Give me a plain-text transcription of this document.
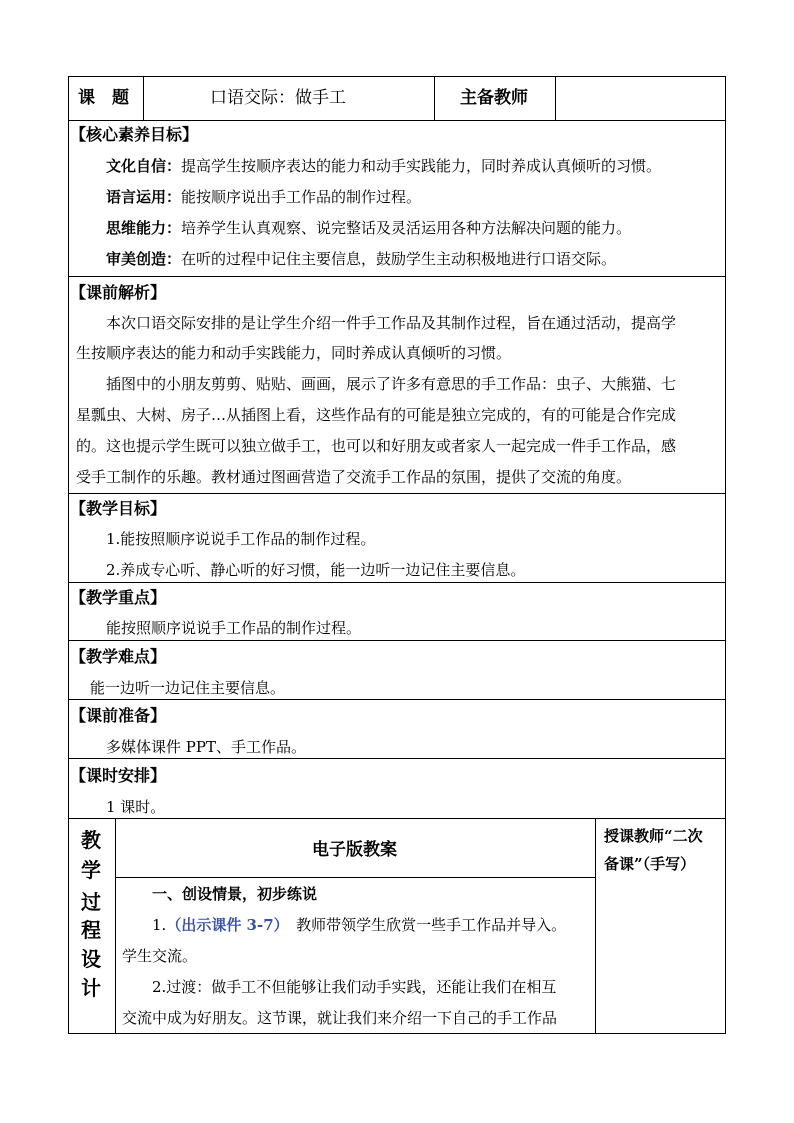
课　题	口语交际：做手工	主备教师
【核心素养目标】
文化自信：提高学生按顺序表达的能力和动手实践能力，同时养成认真倾听的习惯。
语言运用：能按顺序说出手工作品的制作过程。
思维能力：培养学生认真观察、说完整话及灵活运用各种方法解决问题的能力。
审美创造：在听的过程中记住主要信息，鼓励学生主动积极地进行口语交际。
【课前解析】
本次口语交际安排的是让学生介绍一件手工作品及其制作过程，旨在通过活动，提高学
生按顺序表达的能力和动手实践能力，同时养成认真倾听的习惯。
插图中的小朋友剪剪、贴贴、画画，展示了许多有意思的手工作品：虫子、大熊猫、七
星瓢虫、大树、房子…从插图上看，这些作品有的可能是独立完成的，有的可能是合作完成
的。这也提示学生既可以独立做手工，也可以和好朋友或者家人一起完成一件手工作品，感
受手工制作的乐趣。教材通过图画营造了交流手工作品的氛围，提供了交流的角度。
【教学目标】
1.能按照顺序说说手工作品的制作过程。
2.养成专心听、静心听的好习惯，能一边听一边记住主要信息。
【教学重点】
能按照顺序说说手工作品的制作过程。
【教学难点】
能一边听一边记住主要信息。
【课前准备】
多媒体课件 PPT、手工作品。
【课时安排】
1 课时。
教
学
过
程
设
计
电子版教案
授课教师“二次
备课”（手写）
一、创设情景，初步练说
1.（出示课件 3-7）　教师带领学生欣赏一些手工作品并导入。
学生交流。
2.过渡：做手工不但能够让我们动手实践，还能让我们在相互
交流中成为好朋友。这节课，就让我们来介绍一下自己的手工作品
